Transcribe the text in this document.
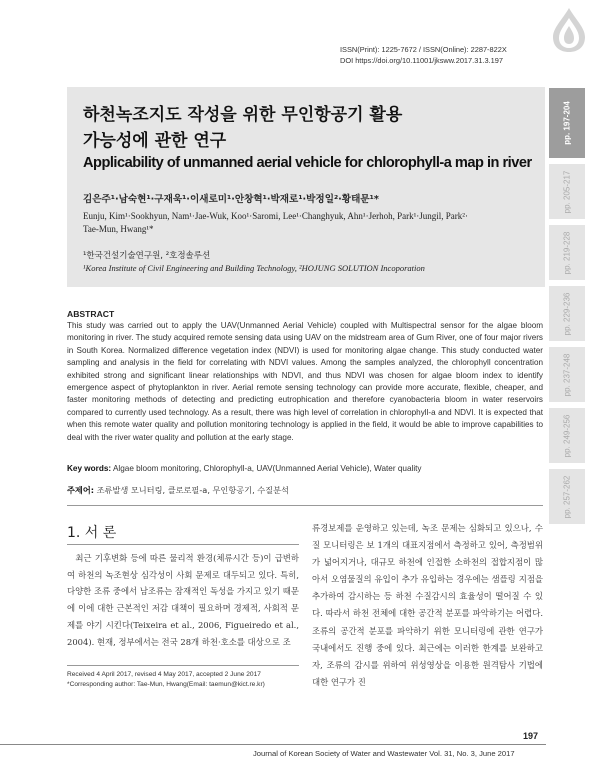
ISSN(Print): 1225-7672 / ISSN(Online): 2287-822X
DOI https://doi.org/10.11001/jksww.2017.31.3.197
하천녹조지도 작성을 위한 무인항공기 활용
가능성에 관한 연구
Applicability of unmanned aerial vehicle for chlorophyll-a map in river
김은주¹·남숙현¹·구재욱¹·이새로미¹·안창혁¹·박재로¹·박정일²·황태문¹*
Eunju, Kim¹·Sookhyun, Nam¹·Jae-Wuk, Koo¹·Saromi, Lee¹·Changhyuk, Ahn¹·Jerhoh, Park¹·Jungil, Park²·
Tae-Mun, Hwang¹*
¹한국건설기술연구원, ²호정솔루션
¹Korea Institute of Civil Engineering and Building Technology, ²HOJUNG SOLUTION Incoporation
pp. 197-204
pp. 205-217
pp. 219-228
pp. 229-236
pp. 237-248
pp. 249-256
pp. 257-262
ABSTRACT
This study was carried out to apply the UAV(Unmanned Aerial Vehicle) coupled with Multispectral sensor for the algae bloom monitoring in river. The study acquired remote sensing data using UAV on the midstream area of Gum River, one of four major rivers in South Korea. Normalized difference vegetation index (NDVI) is used for monitoring algae change. This study conducted water sampling and analysis in the field for correlating with NDVI values. Among the samples analyzed, the chlorophyll concentration exhibited strong and significant linear relationships with NDVI, and thus NDVI was chosen for algae bloom index to identify emergence aspect of phytoplankton in river. Aerial remote sensing technology can provide more accurate, flexible, cheaper, and faster monitoring methods of detecting and predicting eutrophication and therefore cyanobacteria bloom in water reservoirs compared to currently used technology. As a result, there was high level of correlation in chlorophyll-a and NDVI. It is expected that when this remote water quality and pollution monitoring technology is applied in the field, it would be able to improve capabilities to deal with the river water quality and pollution at the early stage.
Key words: Algae bloom monitoring, Chlorophyll-a, UAV(Unmanned Aerial Vehicle), Water quality
주제어: 조류발생 모니터링, 클로로필-a, 무인항공기, 수질분석
1. 서 론
최근 기후변화 등에 따른 물리적 환경(체류시간 등)이 급변하여 하천의 녹조현상 심각성이 사회 문제로 대두되고 있다. 특히, 다양한 조류 중에서 남조류는 잠재적인 독성을 가지고 있기 때문에 이에 대한 근본적인 저감 대책이 필요하며 경제적, 사회적 문제를 야기 시킨다(Teixeira et al., 2006, Figueiredo et al., 2004). 현재, 정부에서는 전국 28개 하천·호소를 대상으로 조
류경보제를 운영하고 있는데, 녹조 문제는 심화되고 있으나, 수질 모니터링은 보 1개의 대표지점에서 측정하고 있어, 측정범위가 넓어지거나, 대규모 하천에 인접한 소하천의 접합지점이 많아서 오염물질의 유입이 추가 유입하는 경우에는 샘플링 지점을 추가하여 감시하는 등 하천 수질감시의 효율성이 떨어질 수 있다. 따라서 하천 전체에 대한 공간적 분포를 파악하기는 어렵다. 조류의 공간적 분포를 파악하기 위한 모니터링에 관한 연구가 국내에서도 진행 중에 있다. 최근에는 이러한 한계를 보완하고자, 조류의 감시를 위하여 위성영상을 이용한 원격탐사 기법에 대한 연구가 진
Received 4 April 2017, revised 4 May 2017, accepted 2 June 2017
*Corresponding author: Tae-Mun, Hwang(Email: taemun@kict.re.kr)
197
Journal of Korean Society of Water and Wastewater Vol. 31, No. 3, June 2017
